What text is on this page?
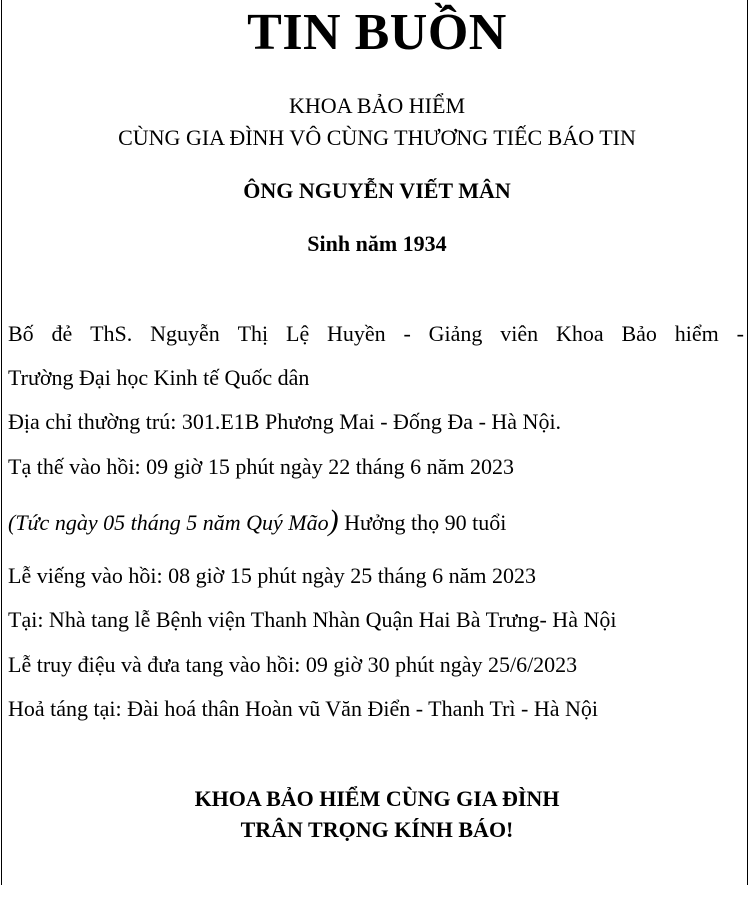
TIN BUỒN
KHOA BẢO HIỂM
CÙNG GIA ĐÌNH VÔ CÙNG THƯƠNG TIẾC BÁO TIN
ÔNG NGUYỄN VIẾT MÂN
Sinh năm 1934
Bố đẻ ThS. Nguyễn Thị Lệ Huyền - Giảng viên Khoa Bảo hiểm -
Trường Đại học Kinh tế Quốc dân
Địa chỉ thường trú: 301.E1B Phương Mai - Đống Đa - Hà Nội.
Tạ thế vào hồi: 09 giờ 15 phút ngày 22 tháng 6 năm 2023
(Tức ngày 05 tháng 5 năm Quý Mão) Hưởng thọ 90 tuổi
Lễ viếng vào hồi: 08 giờ 15 phút ngày 25 tháng 6 năm 2023
Tại: Nhà tang lễ Bệnh viện Thanh Nhàn Quận Hai Bà Trưng- Hà Nội
Lễ truy điệu và đưa tang vào hồi: 09 giờ 30 phút ngày 25/6/2023
Hoả táng tại: Đài hoá thân Hoàn vũ Văn Điển - Thanh Trì - Hà Nội
KHOA BẢO HIỂM CÙNG GIA ĐÌNH
TRÂN TRỌNG KÍNH BÁO!
